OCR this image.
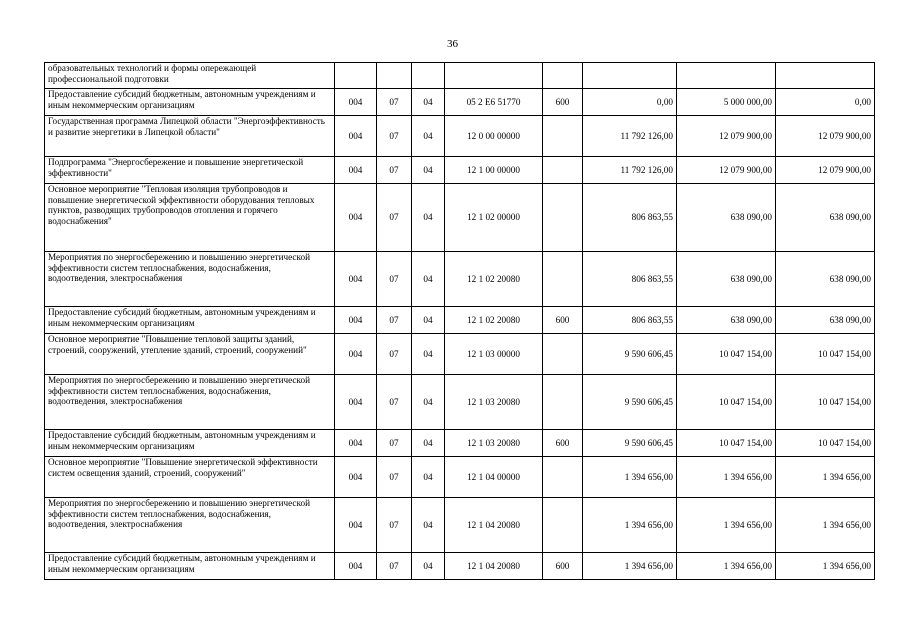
36
образовательных технологий и формы опережающей профессиональной подготовки								
Предоставление субсидий бюджетным, автономным учреждениям и иным некоммерческим организациям	004	07	04	05 2 Е6 51770	600	0,00	5 000 000,00	0,00
Государственная программа Липецкой области "Энергоэффективность и развитие энергетики в Липецкой области"	004	07	04	12 0 00 00000		11 792 126,00	12 079 900,00	12 079 900,00
Подпрограмма "Энергосбережение и повышение энергетической эффективности"	004	07	04	12 1 00 00000		11 792 126,00	12 079 900,00	12 079 900,00
Основное мероприятие "Тепловая изоляция трубопроводов и повышение энергетической эффективности оборудования тепловых пунктов, разводящих трубопроводов отопления и горячего водоснабжения"	004	07	04	12 1 02 00000		806 863,55	638 090,00	638 090,00
Мероприятия по энергосбережению и повышению энергетической эффективности систем теплоснабжения, водоснабжения, водоотведения, электроснабжения	004	07	04	12 1 02 20080		806 863,55	638 090,00	638 090,00
Предоставление субсидий бюджетным, автономным учреждениям и иным некоммерческим организациям	004	07	04	12 1 02 20080	600	806 863,55	638 090,00	638 090,00
Основное мероприятие "Повышение тепловой защиты зданий, строений, сооружений, утепление зданий, строений, сооружений"	004	07	04	12 1 03 00000		9 590 606,45	10 047 154,00	10 047 154,00
Мероприятия по энергосбережению и повышению энергетической эффективности систем теплоснабжения, водоснабжения, водоотведения, электроснабжения	004	07	04	12 1 03 20080		9 590 606,45	10 047 154,00	10 047 154,00
Предоставление субсидий бюджетным, автономным учреждениям и иным некоммерческим организациям	004	07	04	12 1 03 20080	600	9 590 606,45	10 047 154,00	10 047 154,00
Основное мероприятие "Повышение энергетической эффективности систем освещения зданий, строений, сооружений"	004	07	04	12 1 04 00000		1 394 656,00	1 394 656,00	1 394 656,00
Мероприятия по энергосбережению и повышению энергетической эффективности систем теплоснабжения, водоснабжения, водоотведения, электроснабжения	004	07	04	12 1 04 20080		1 394 656,00	1 394 656,00	1 394 656,00
Предоставление субсидий бюджетным, автономным учреждениям и иным некоммерческим организациям	004	07	04	12 1 04 20080	600	1 394 656,00	1 394 656,00	1 394 656,00
